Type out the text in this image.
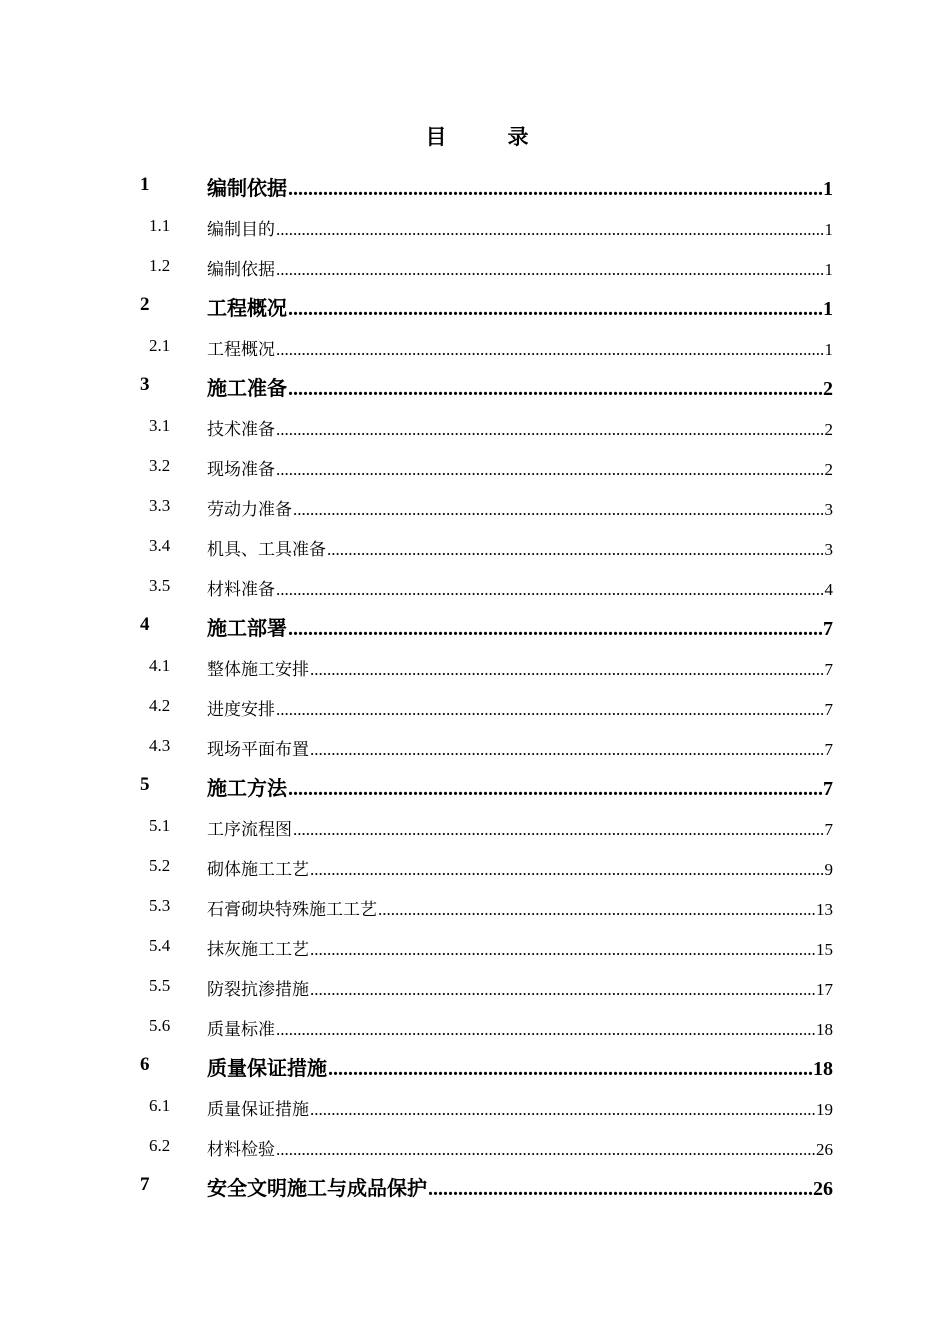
目　录
1	编制依据 .....	1
1.1 编制目的 .....	1
1.2 编制依据 .....	1
2	工程概况 .....	1
2.1 工程概况 .....	1
3	施工准备 .....	2
3.1 技术准备 .....	2
3.2 现场准备 .....	2
3.3 劳动力准备 .....	3
3.4 机具、工具准备 .....	3
3.5 材料准备 .....	4
4	施工部署 .....	7
4.1 整体施工安排 .....	7
4.2 进度安排 .....	7
4.3 现场平面布置 .....	7
5	施工方法 .....	7
5.1 工序流程图 .....	7
5.2 砌体施工工艺 .....	9
5.3 石膏砌块特殊施工工艺 .....	13
5.4 抹灰施工工艺 .....	15
5.5 防裂抗渗措施 .....	17
5.6 质量标准 .....	18
6	质量保证措施 .....	18
6.1 质量保证措施 .....	19
6.2 材料检验 .....	26
7	安全文明施工与成品保护 .....	26
